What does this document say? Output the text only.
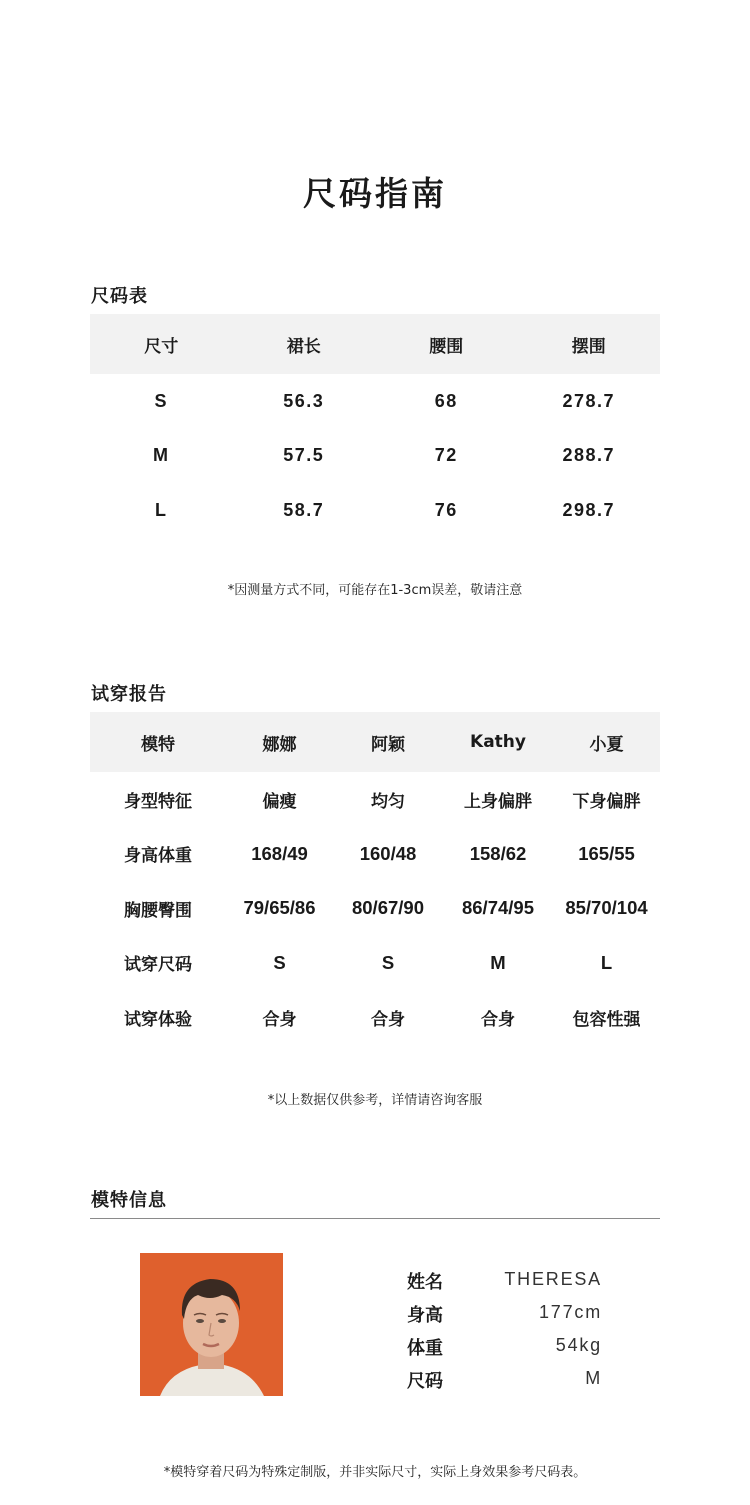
尺码指南
尺码表
尺寸	裙长	腰围	摆围
S	56.3	68	278.7
M	57.5	72	288.7
L	58.7	76	298.7
*因测量方式不同，可能存在1-3cm误差，敬请注意
试穿报告
模特	娜娜	阿颖	Kathy	小夏
身型特征	偏瘦	均匀	上身偏胖	下身偏胖
身高体重	168/49	160/48	158/62	165/55
胸腰臀围	79/65/86	80/67/90	86/74/95	85/70/104
试穿尺码	S	S	M	L
试穿体验	合身	合身	合身	包容性强
*以上数据仅供参考，详情请咨询客服
模特信息
姓名	THERESA
身高	177cm
体重	54kg
尺码	M
*模特穿着尺码为特殊定制版，并非实际尺寸，实际上身效果参考尺码表。
